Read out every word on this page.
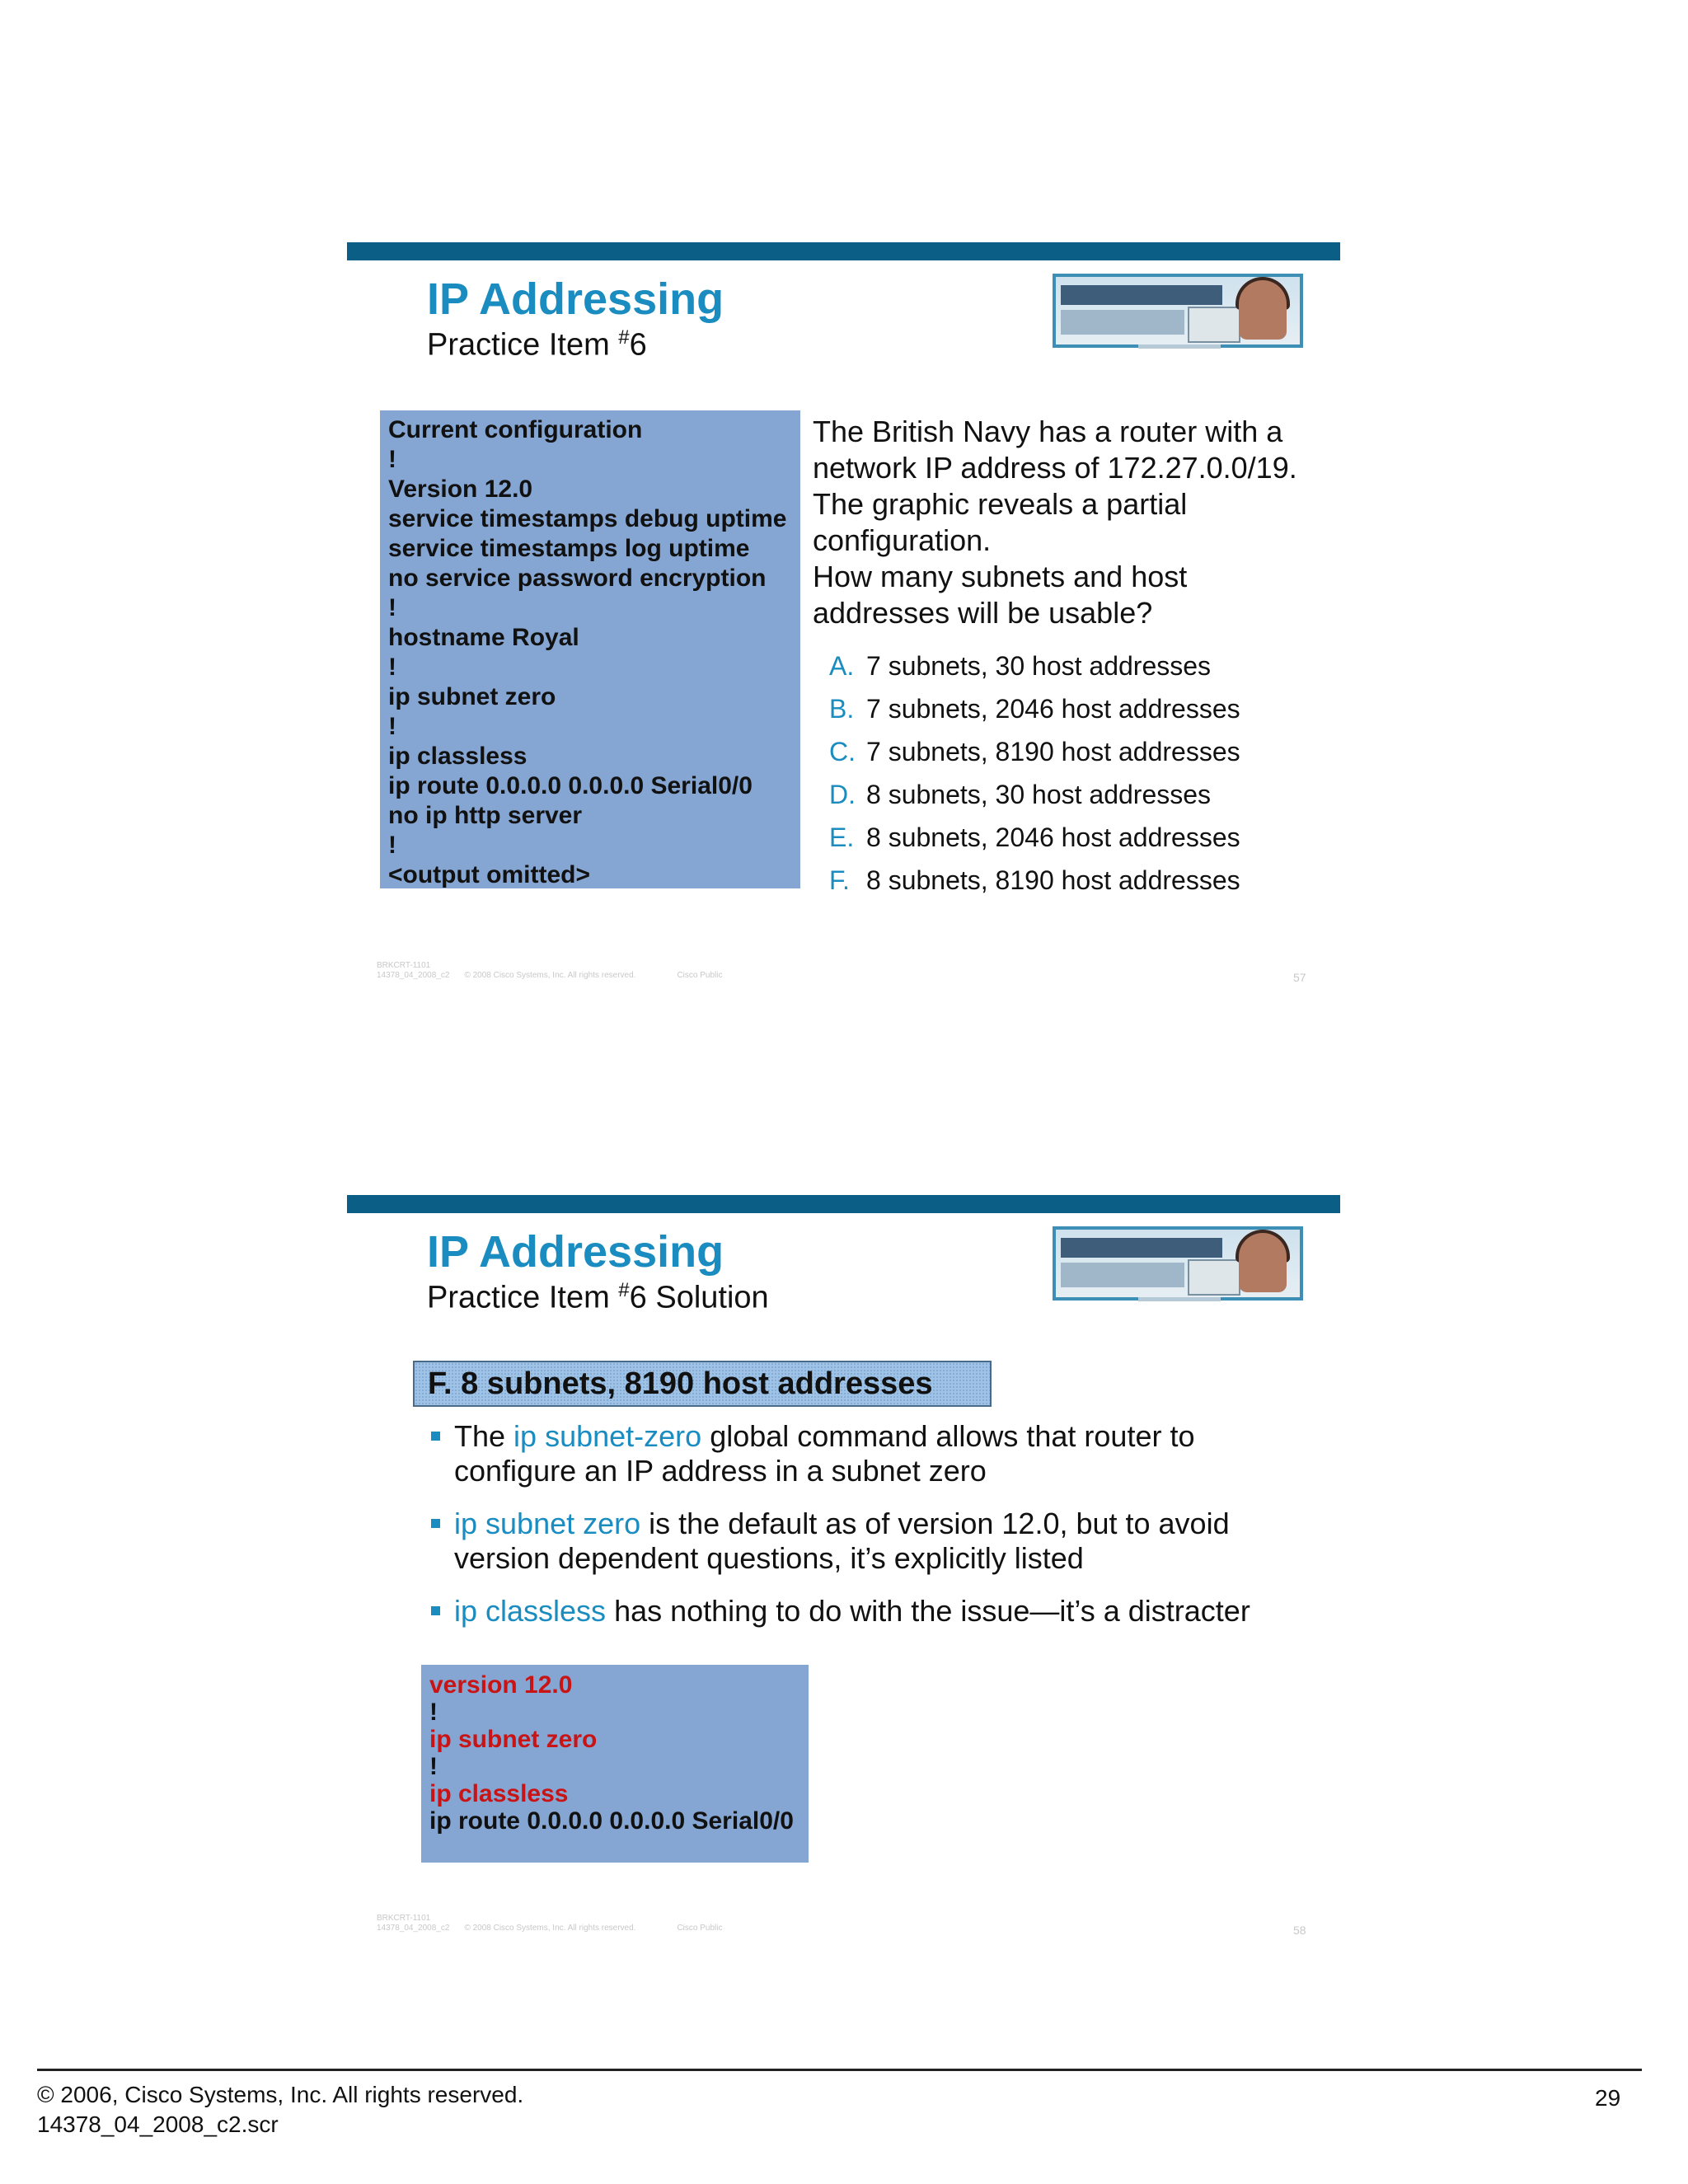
IP Addressing
Practice Item #6
Current configuration
!
Version 12.0
service timestamps debug uptime
service timestamps log uptime
no service password encryption
!
hostname Royal
!
ip subnet zero
!
ip classless
ip route 0.0.0.0 0.0.0.0 Serial0/0
no ip http server
!
<output omitted>
The British Navy has a router with a network IP address of 172.27.0.0/19. The graphic reveals a partial configuration.
How many subnets and host addresses will be usable?
A. 7 subnets, 30 host addresses
B. 7 subnets, 2046 host addresses
C. 7 subnets, 8190 host addresses
D. 8 subnets, 30 host addresses
E. 8 subnets, 2046 host addresses
F. 8 subnets, 8190 host addresses
BRKCRT-1101
14378_04_2008_c2 © 2008 Cisco Systems, Inc. All rights reserved.	Cisco Public	57
IP Addressing
Practice Item #6 Solution
F. 8 subnets, 8190 host addresses
The ip subnet-zero global command allows that router to configure an IP address in a subnet zero
ip subnet zero is the default as of version 12.0, but to avoid version dependent questions, it’s explicitly listed
ip classless has nothing to do with the issue—it’s a distracter
version 12.0
!
ip subnet zero
!
ip classless
ip route 0.0.0.0 0.0.0.0 Serial0/0
BRKCRT-1101
14378_04_2008_c2 © 2008 Cisco Systems, Inc. All rights reserved.	Cisco Public	58
© 2006, Cisco Systems, Inc. All rights reserved.
14378_04_2008_c2.scr
29
